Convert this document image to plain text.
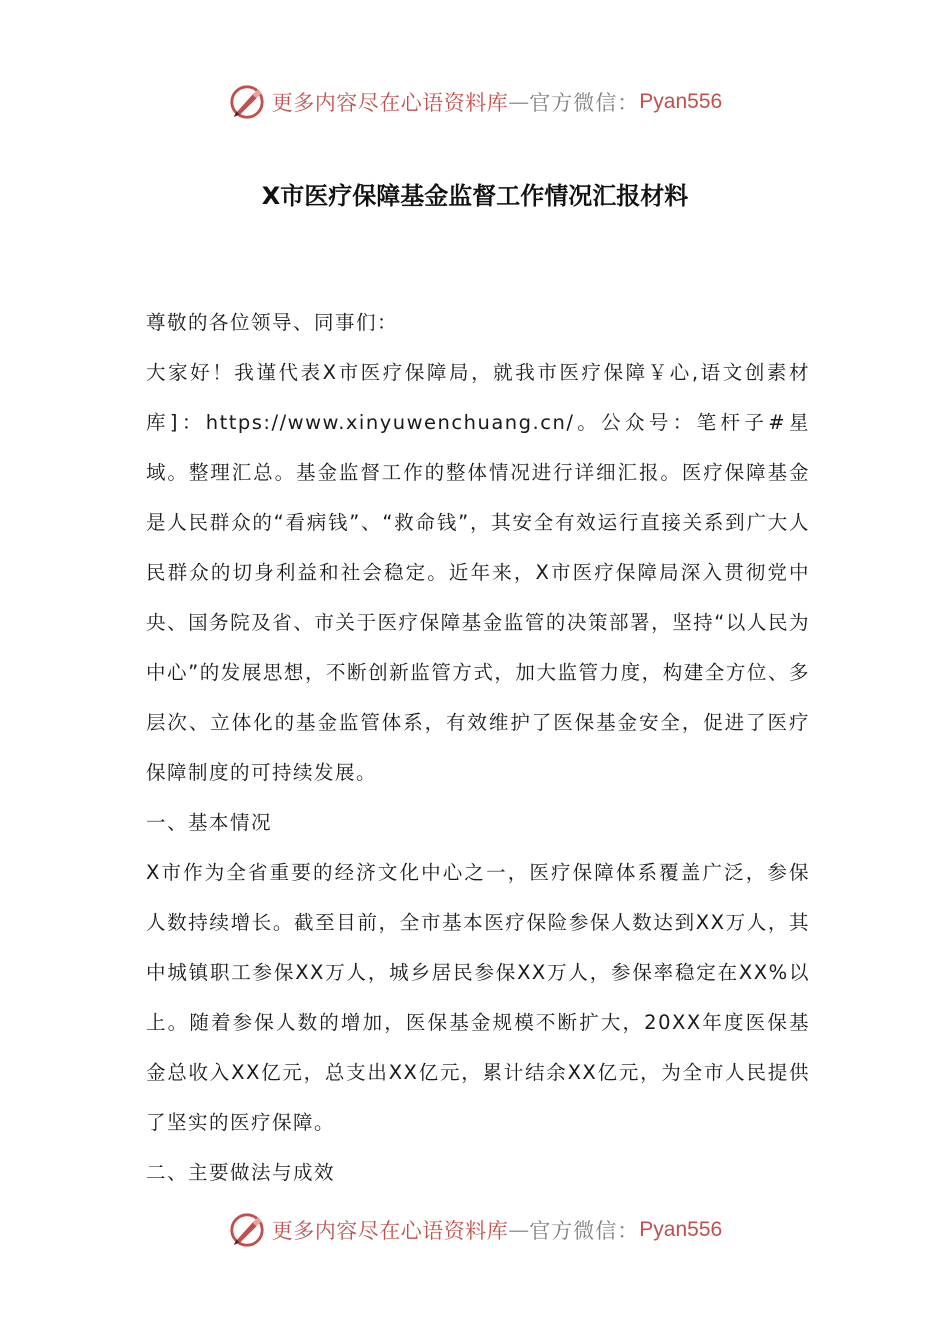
更多内容尽在心语资料库 — 官方微信： Pyan556
X市医疗保障基金监督工作情况汇报材料

尊敬的各位领导、同事们：

大家好！我谨代表X市医疗保障局，就我市医疗保障￥心,语文创素材库]：https://www.xinyuwenchuang.cn/。公众号：笔杆子#星域。整理汇总。基金监督工作的整体情况进行详细汇报。医疗保障基金是人民群众的“看病钱”、“救命钱”，其安全有效运行直接关系到广大人民群众的切身利益和社会稳定。近年来，X市医疗保障局深入贯彻党中央、国务院及省、市关于医疗保障基金监管的决策部署，坚持“以人民为中心”的发展思想，不断创新监管方式，加大监管力度，构建全方位、多层次、立体化的基金监管体系，有效维护了医保基金安全，促进了医疗保障制度的可持续发展。

一、基本情况

X市作为全省重要的经济文化中心之一，医疗保障体系覆盖广泛，参保人数持续增长。截至目前，全市基本医疗保险参保人数达到XX万人，其中城镇职工参保XX万人，城乡居民参保XX万人，参保率稳定在XX%以上。随着参保人数的增加，医保基金规模不断扩大，20XX年度医保基金总收入XX亿元，总支出XX亿元，累计结余XX亿元，为全市人民提供了坚实的医疗保障。

二、主要做法与成效

更多内容尽在心语资料库 — 官方微信： Pyan556
